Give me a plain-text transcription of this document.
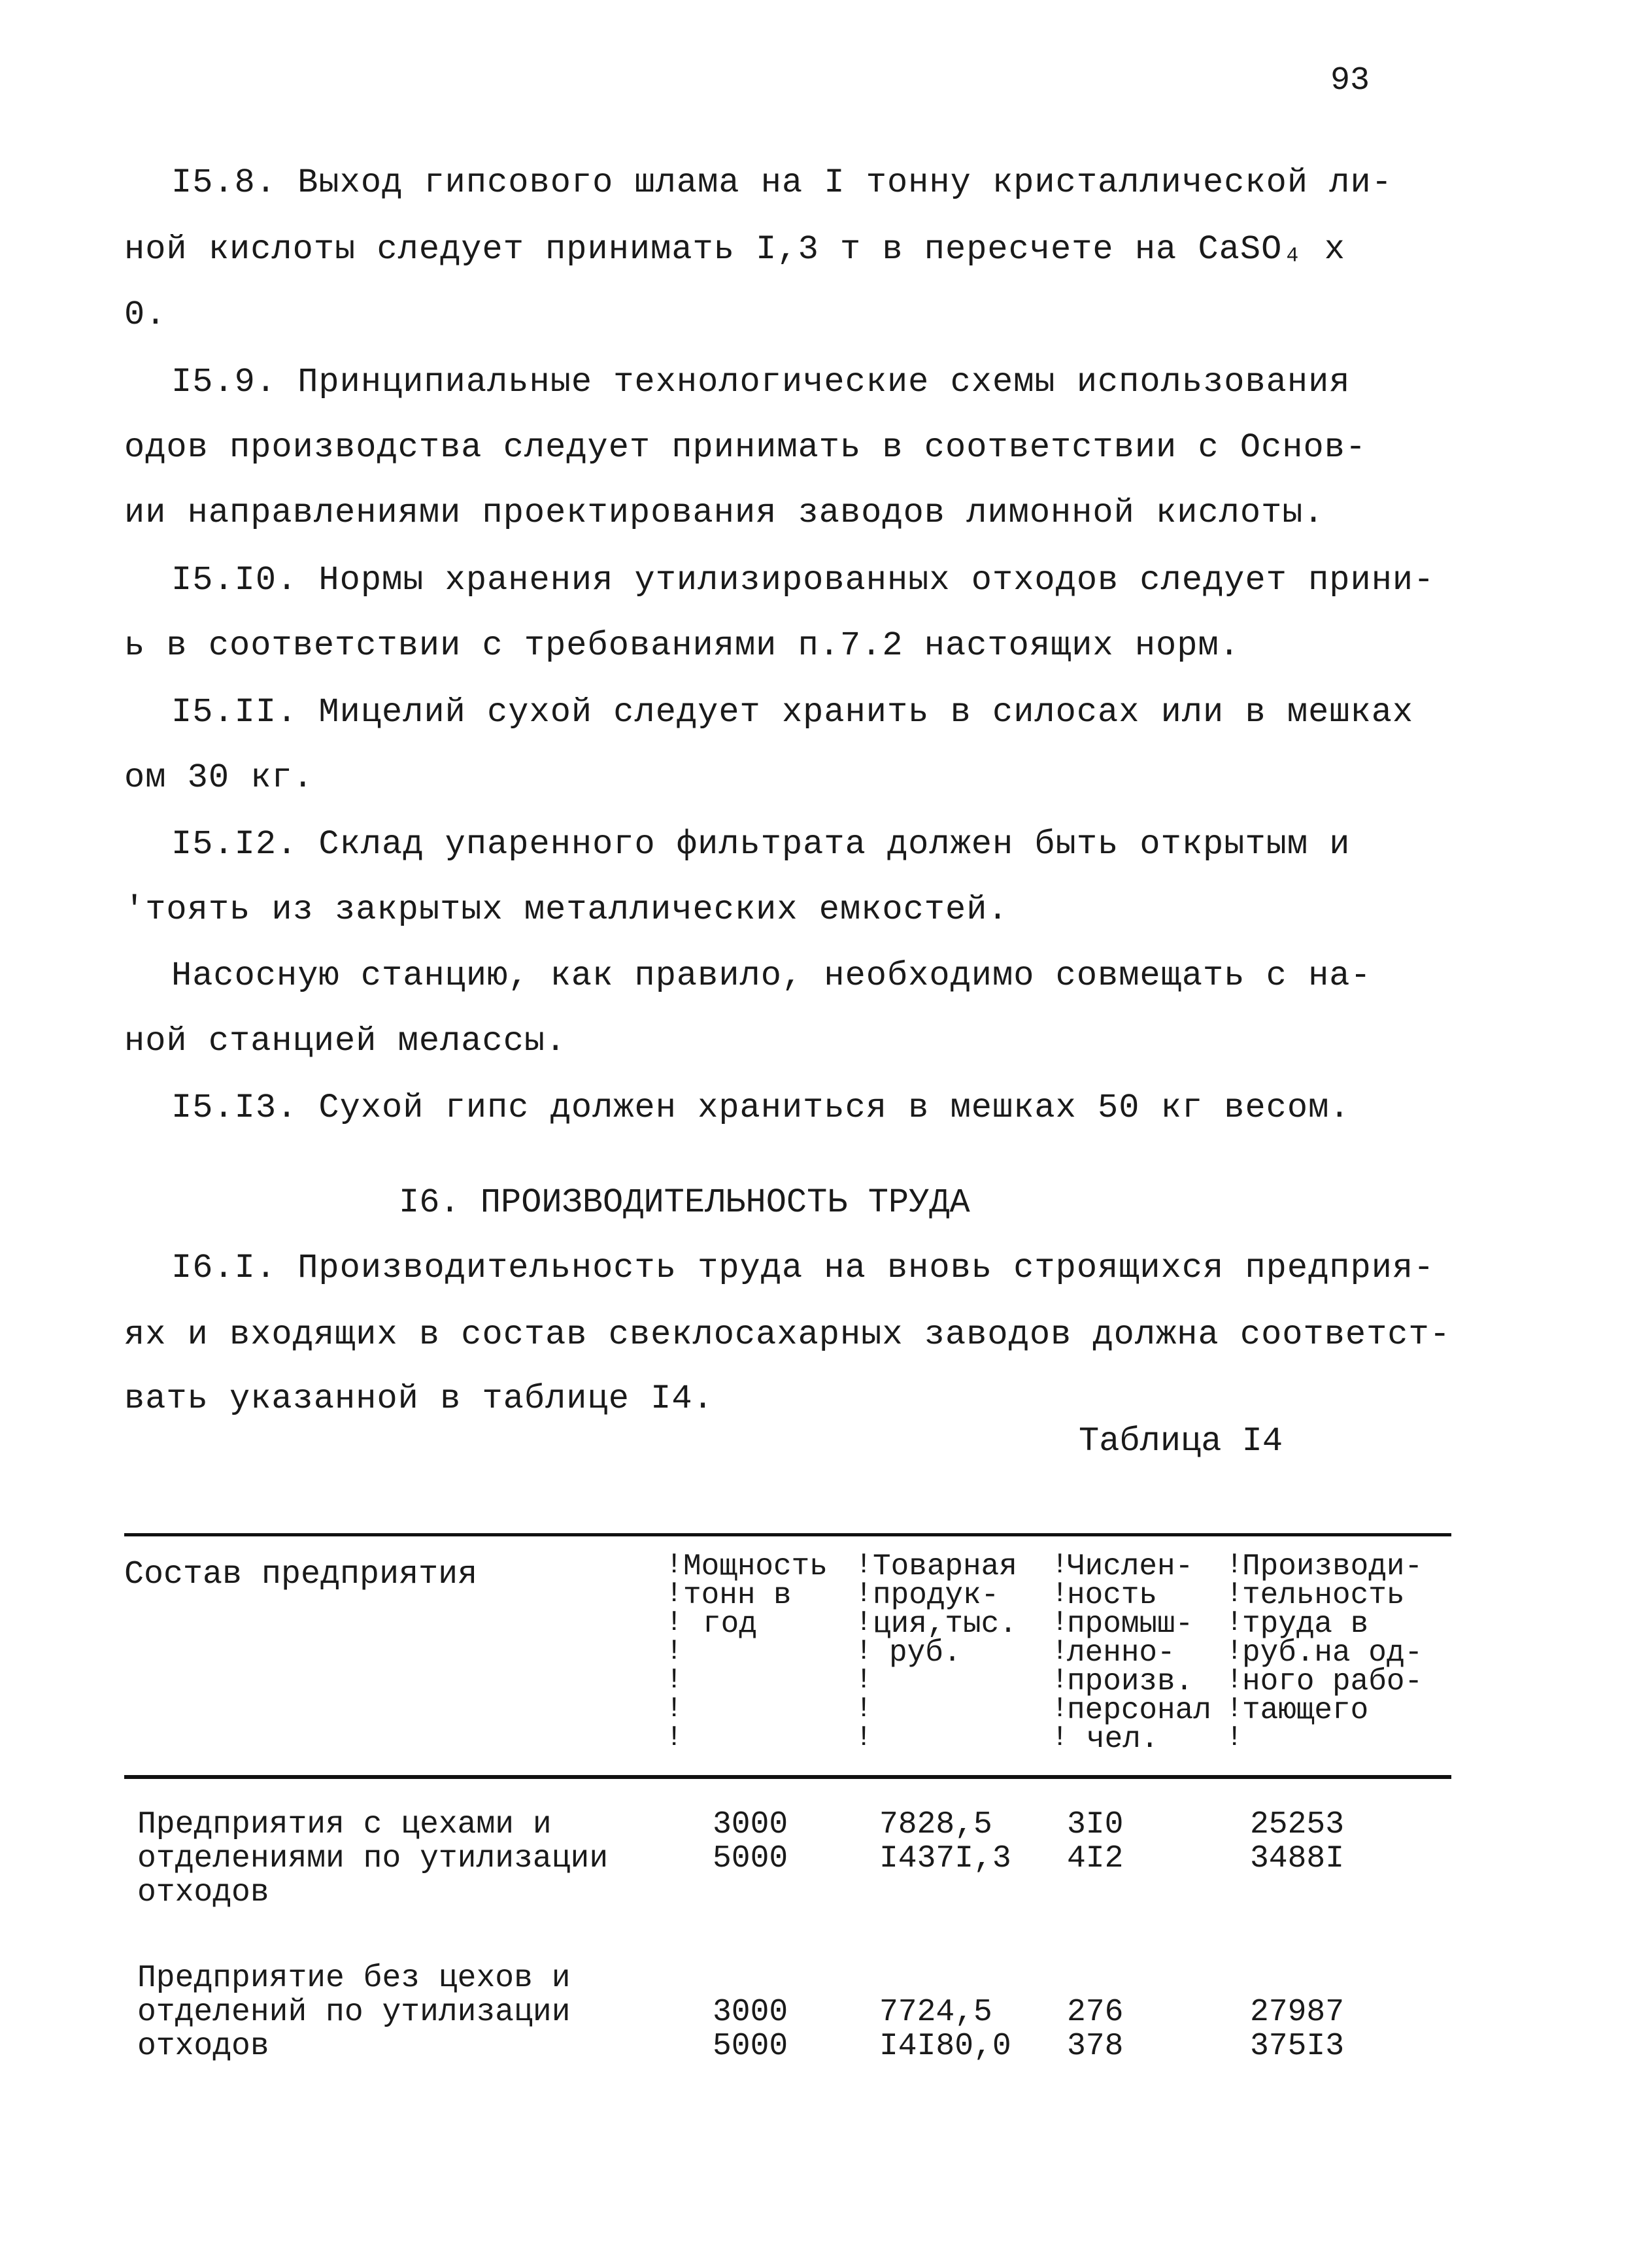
93
I5.8. Выход гипсового шлама на I тонну кристаллической ли-
ной кислоты следует принимать I,3 т в пересчете на CaSO₄ x
0.
I5.9. Принципиальные технологические схемы использования
одов производства следует принимать в соответствии с Основ-
ии направлениями проектирования заводов лимонной кислоты.
I5.I0. Нормы хранения утилизированных отходов следует прини-
ь в соответствии с требованиями п.7.2 настоящих норм.
I5.II. Мицелий сухой следует хранить в силосах или в мешках
ом 30 кг.
I5.I2. Склад упаренного фильтрата должен быть открытым и
'тоять из закрытых металлических емкостей.
Насосную станцию, как правило, необходимо совмещать с на-
ной станцией мелассы.
I5.I3. Сухой гипс должен храниться в мешках 50 кг весом.
I6. ПРОИЗВОДИТЕЛЬНОСТЬ ТРУДА
I6.I. Производительность труда на вновь строящихся предприя-
ях и входящих в состав свеклосахарных заводов должна соответст-
вать указанной в таблице I4.
Таблица I4
!
!
!
!
!
!
!
!
!
!
!
!
!
!
!
!
!
!
!
!
!
!
!
!
!
!
!
!
Состав предприятия	Мощность
тонн в
год
Товарная
продук-
ция,тыс.
руб.
Числен-
ность
промыш-
ленно-
произв.
персонал
чел.
Производи-
тельность
труда в
руб.на од-
ного рабо-
тающего
Предприятия с цехами и
отделениями по утилизации
отходов
3000
5000
7828,5
I437I,3
3I0
4I2
25253
3488I
Предприятие без цехов и
отделений по утилизации
отходов
3000
5000
7724,5
I4I80,0
276
378
27987
375I3
